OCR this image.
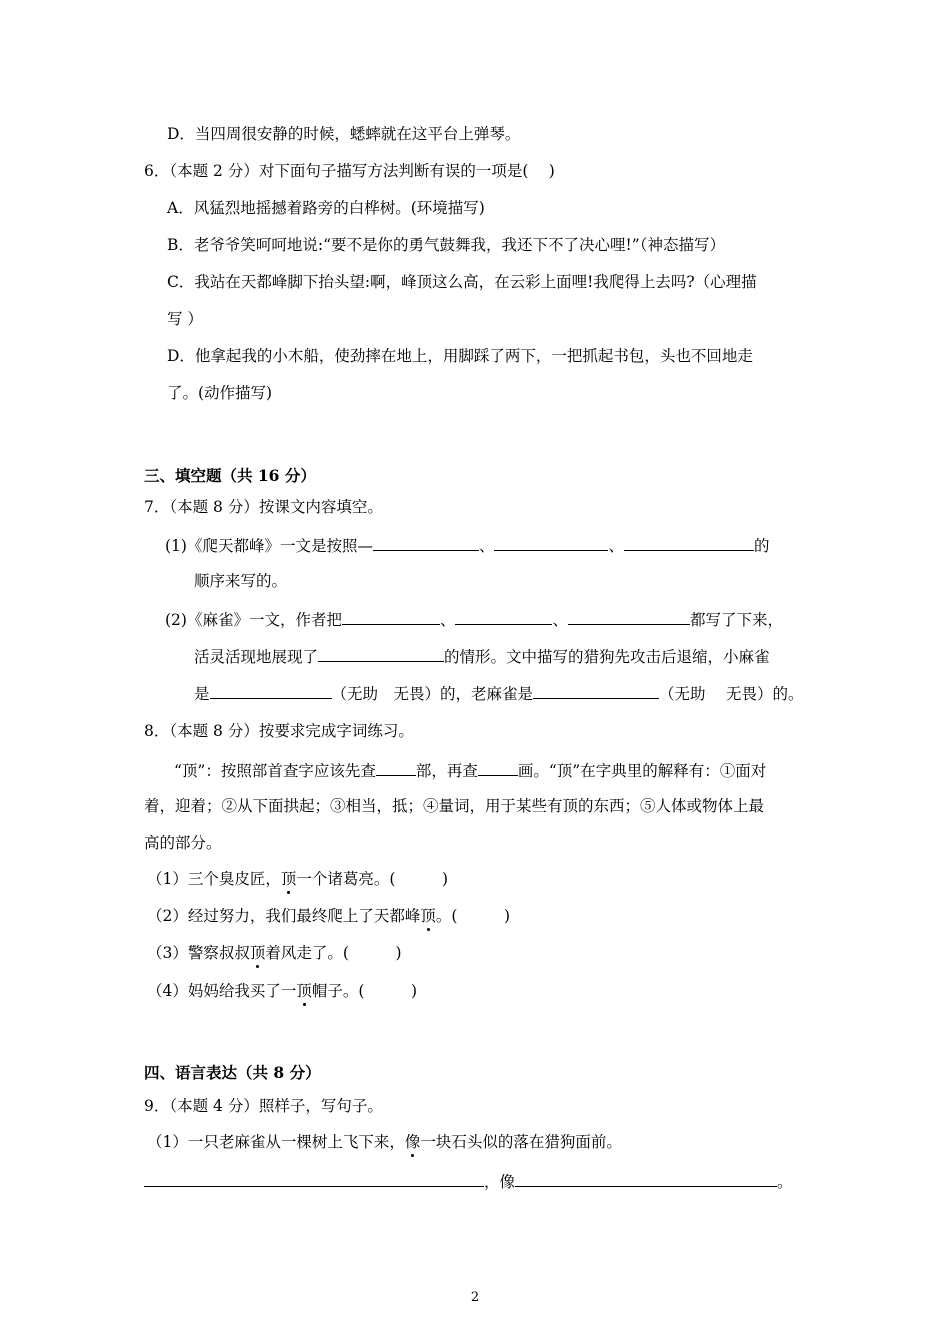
D．当四周很安静的时候，蟋蟀就在这平台上弹琴。
6．（本题 2 分）对下面句子描写方法判断有误的一项是(　 )
A．风猛烈地摇撼着路旁的白桦树。(环境描写)
B．老爷爷笑呵呵地说:“要不是你的勇气鼓舞我，我还下不了决心哩!”（神态描写）
C．我站在天都峰脚下抬头望:啊，峰顶这么高，在云彩上面哩!我爬得上去吗?（心理描
写 ）
D．他拿起我的小木船，使劲摔在地上，用脚踩了两下，一把抓起书包，头也不回地走
了。(动作描写)
三、填空题（共 16 分）
7．（本题 8 分）按课文内容填空。
(1)《爬天都峰》一文是按照—	、	、	的
顺序来写的。
(2)《麻雀》一文，作者把	、	、	都写了下来，
活灵活现地展现了	的情形。文中描写的猎狗先攻击后退缩，小麻雀
是	（无助　无畏）的，老麻雀是	（无助　 无畏）的。
8．（本题 8 分）按要求完成字词练习。
“顶”：按照部首查字应该先查	部，再查	画。“顶”在字典里的解释有：①面对
着，迎着；②从下面拱起；③相当，抵；④量词，用于某些有顶的东西；⑤人体或物体上最
高的部分。
（1）三个臭皮匠，顶一个诸葛亮。(　　　)
（2）经过努力，我们最终爬上了天都峰顶。(　　　)
（3）警察叔叔顶着风走了。(　　　)
（4）妈妈给我买了一顶帽子。(　　　)
四、语言表达（共 8 分）
9．（本题 4 分）照样子，写句子。
（1）一只老麻雀从一棵树上飞下来，像一块石头似的落在猎狗面前。
，像	。
2
